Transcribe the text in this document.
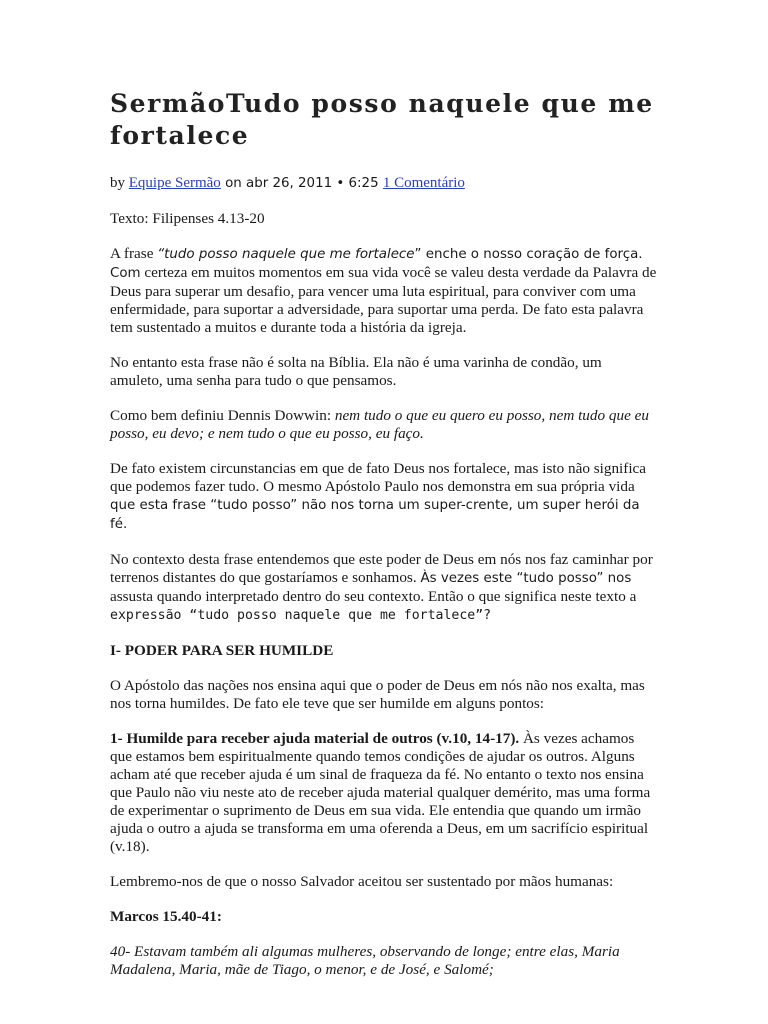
SermãoTudo posso naquele que me fortalece
by Equipe Sermão on abr 26, 2011 • 6:25 1 Comentário

Texto: Filipenses 4.13-20

A frase “tudo posso naquele que me fortalece” enche o nosso coração de força. Com certeza em muitos momentos em sua vida você se valeu desta verdade da Palavra de Deus para superar um desafio, para vencer uma luta espiritual, para conviver com uma enfermidade, para suportar a adversidade, para suportar uma perda. De fato esta palavra tem sustentado a muitos e durante toda a história da igreja.

No entanto esta frase não é solta na Bíblia. Ela não é uma varinha de condão, um amuleto, uma senha para tudo o que pensamos.

Como bem definiu Dennis Dowwin: nem tudo o que eu quero eu posso, nem tudo que eu posso, eu devo; e nem tudo o que eu posso, eu faço.

De fato existem circunstancias em que de fato Deus nos fortalece, mas isto não significa que podemos fazer tudo. O mesmo Apóstolo Paulo nos demonstra em sua própria vida que esta frase “tudo posso” não nos torna um super-crente, um super herói da fé.

No contexto desta frase entendemos que este poder de Deus em nós nos faz caminhar por terrenos distantes do que gostaríamos e sonhamos. Às vezes este “tudo posso” nos assusta quando interpretado dentro do seu contexto. Então o que significa neste texto a expressão “tudo posso naquele que me fortalece”?

I- PODER PARA SER HUMILDE

O Apóstolo das nações nos ensina aqui que o poder de Deus em nós não nos exalta, mas nos torna humildes. De fato ele teve que ser humilde em alguns pontos:

1- Humilde para receber ajuda material de outros (v.10, 14-17). Às vezes achamos que estamos bem espiritualmente quando temos condições de ajudar os outros. Alguns acham até que receber ajuda é um sinal de fraqueza da fé. No entanto o texto nos ensina que Paulo não viu neste ato de receber ajuda material qualquer demérito, mas uma forma de experimentar o suprimento de Deus em sua vida. Ele entendia que quando um irmão ajuda o outro a ajuda se transforma em uma oferenda a Deus, em um sacrifício espiritual (v.18).

Lembremo-nos de que o nosso Salvador aceitou ser sustentado por mãos humanas:

Marcos 15.40-41:

40- Estavam também ali algumas mulheres, observando de longe; entre elas, Maria Madalena, Maria, mãe de Tiago, o menor, e de José, e Salomé;
